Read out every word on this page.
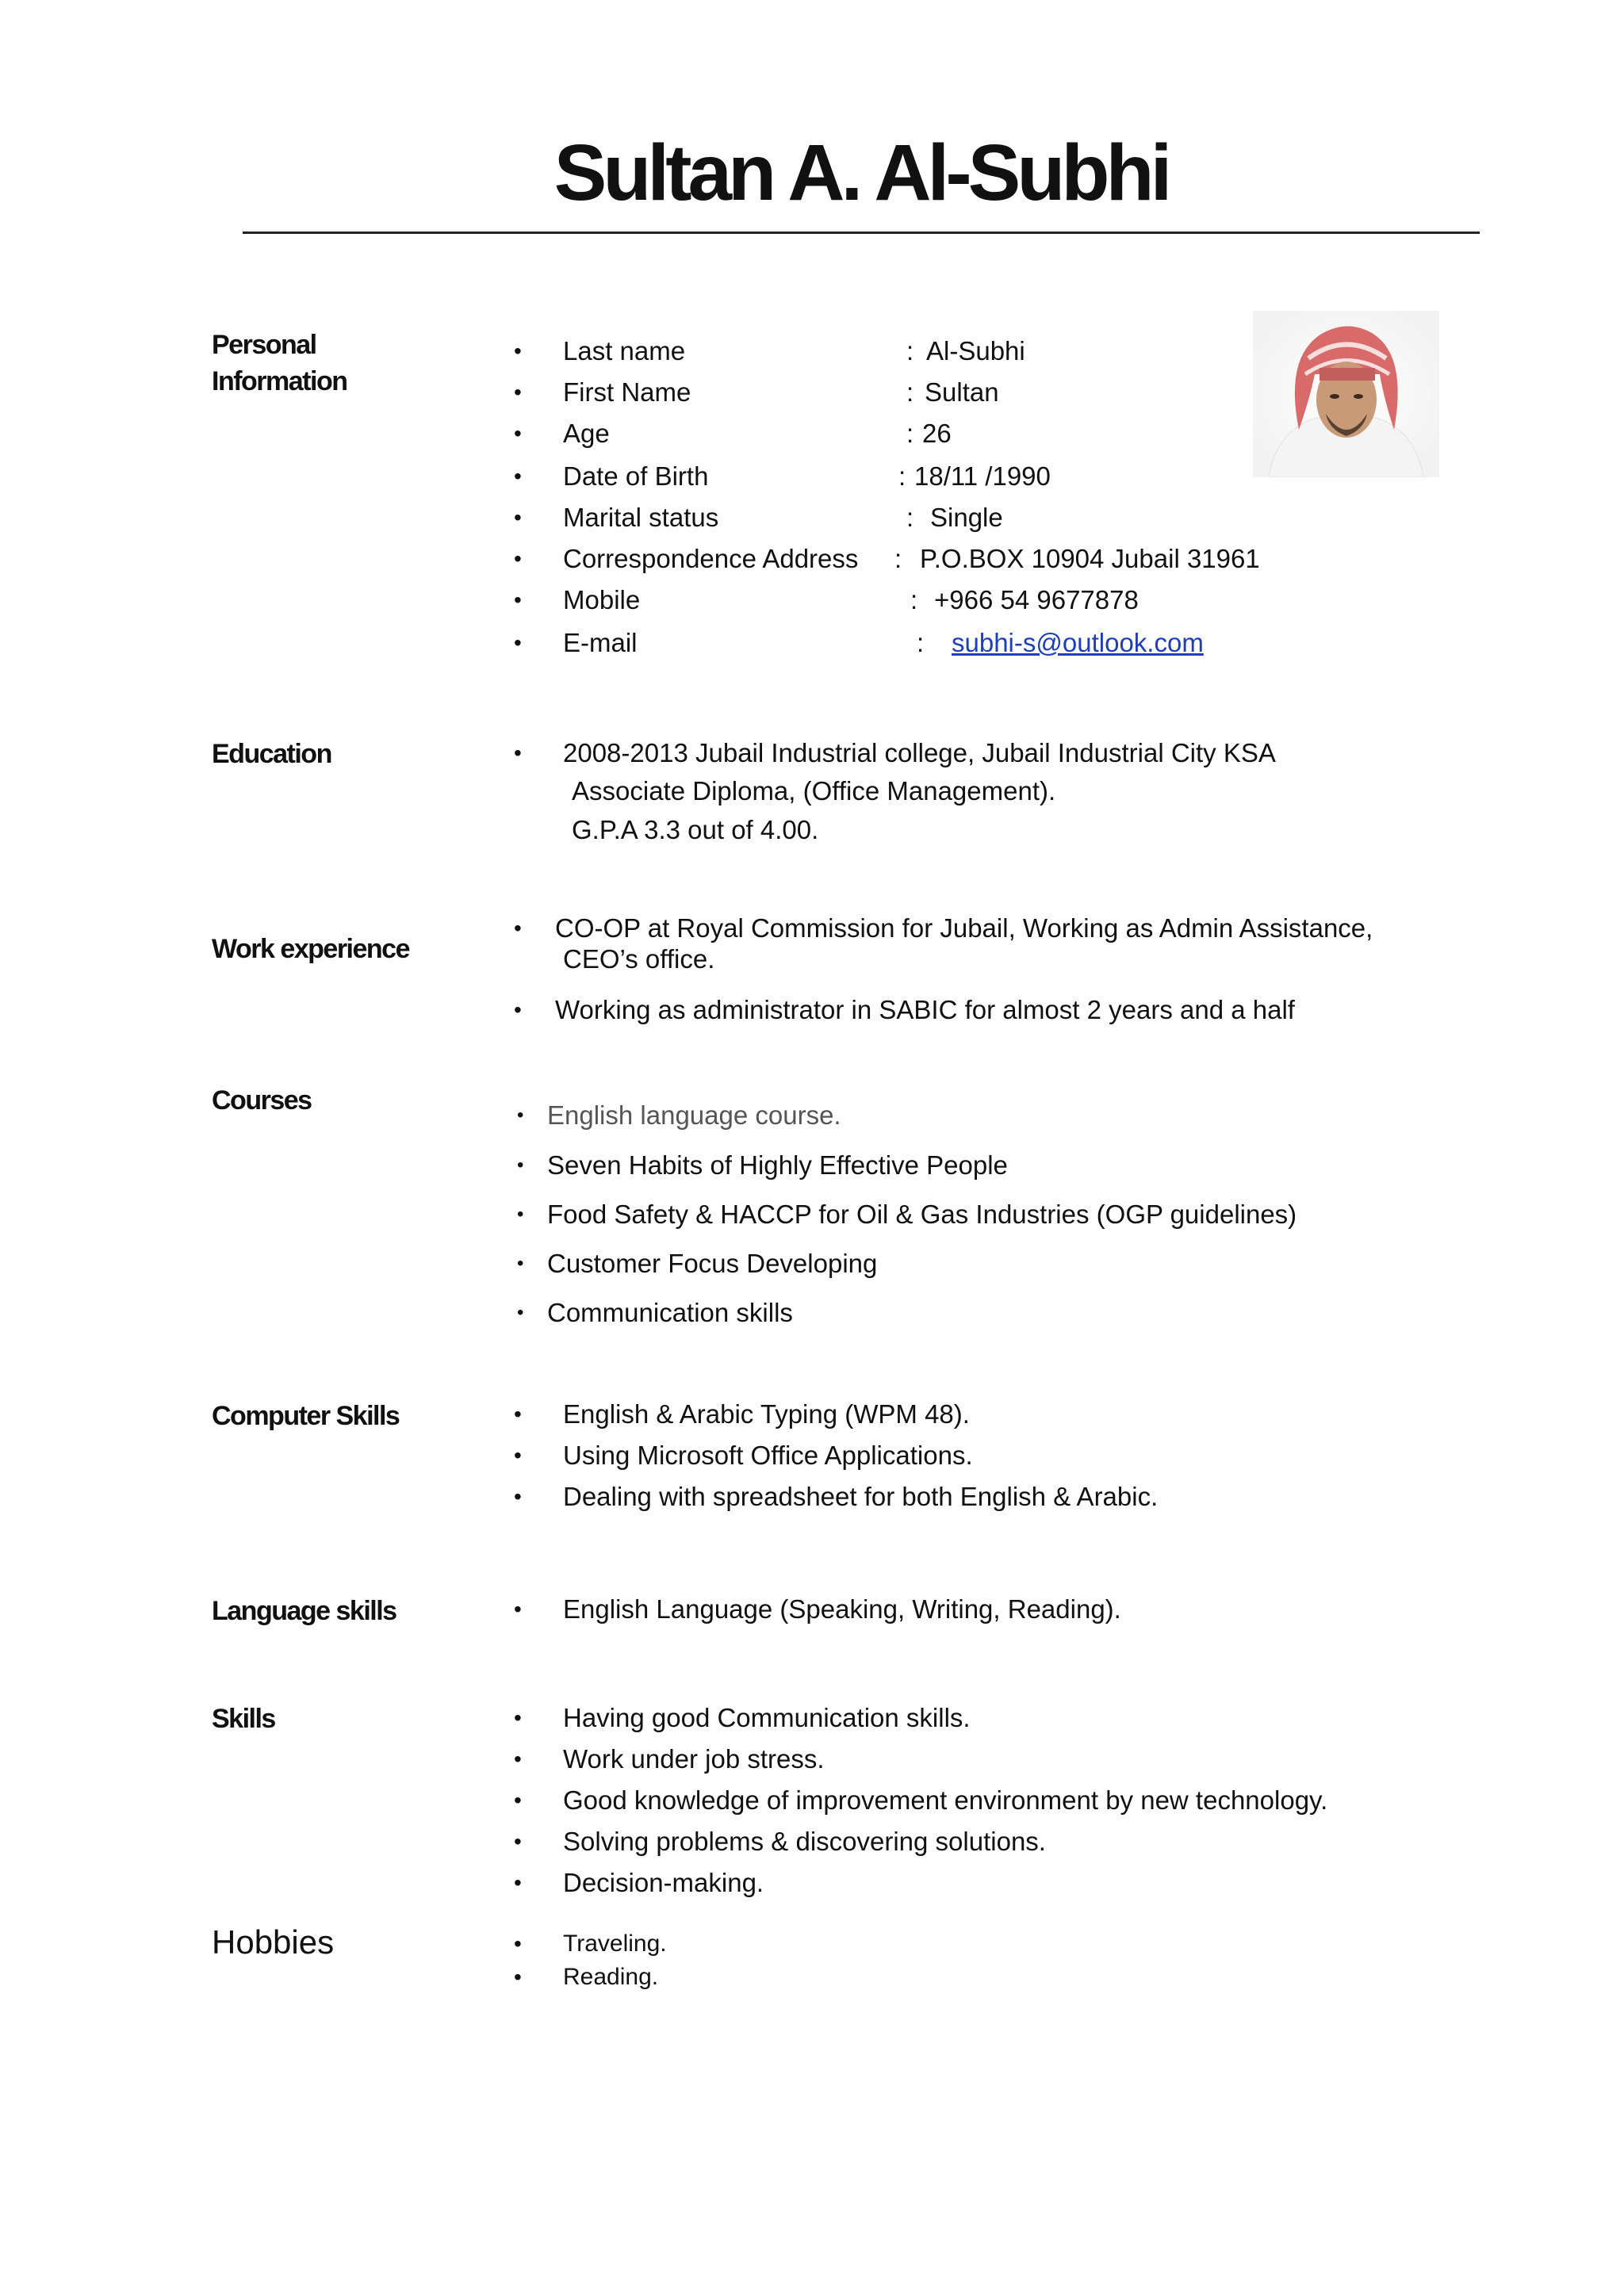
Sultan A. Al-Subhi
Personal
Information
• Last name	: Al-Subhi
• First Name	: Sultan
• Age	: 26
• Date of Birth	: 18/11 /1990
• Marital status	: Single
• Correspondence Address : P.O.BOX 10904 Jubail 31961
• Mobile	: +966 54 9677878
• E-mail	: subhi-s@outlook.com
Education	• 2008-2013 Jubail Industrial college, Jubail Industrial City KSA
Associate Diploma, (Office Management).
G.P.A 3.3 out of 4.00.
Work experience
• CO-OP at Royal Commission for Jubail, Working as Admin Assistance,
CEO’s office.
• Working as administrator in SABIC for almost 2 years and a half
Courses	• English language course.
• Seven Habits of Highly Effective People
• Food Safety & HACCP for Oil & Gas Industries (OGP guidelines)
• Customer Focus Developing
• Communication skills
Computer Skills	• English & Arabic Typing (WPM 48).
• Using Microsoft Office Applications.
• Dealing with spreadsheet for both English & Arabic.
Language skills	• English Language (Speaking, Writing, Reading).
Skills	• Having good Communication skills.
• Work under job stress.
• Good knowledge of improvement environment by new technology.
• Solving problems & discovering solutions.
• Decision-making.
Hobbies	• Traveling.
• Reading.
